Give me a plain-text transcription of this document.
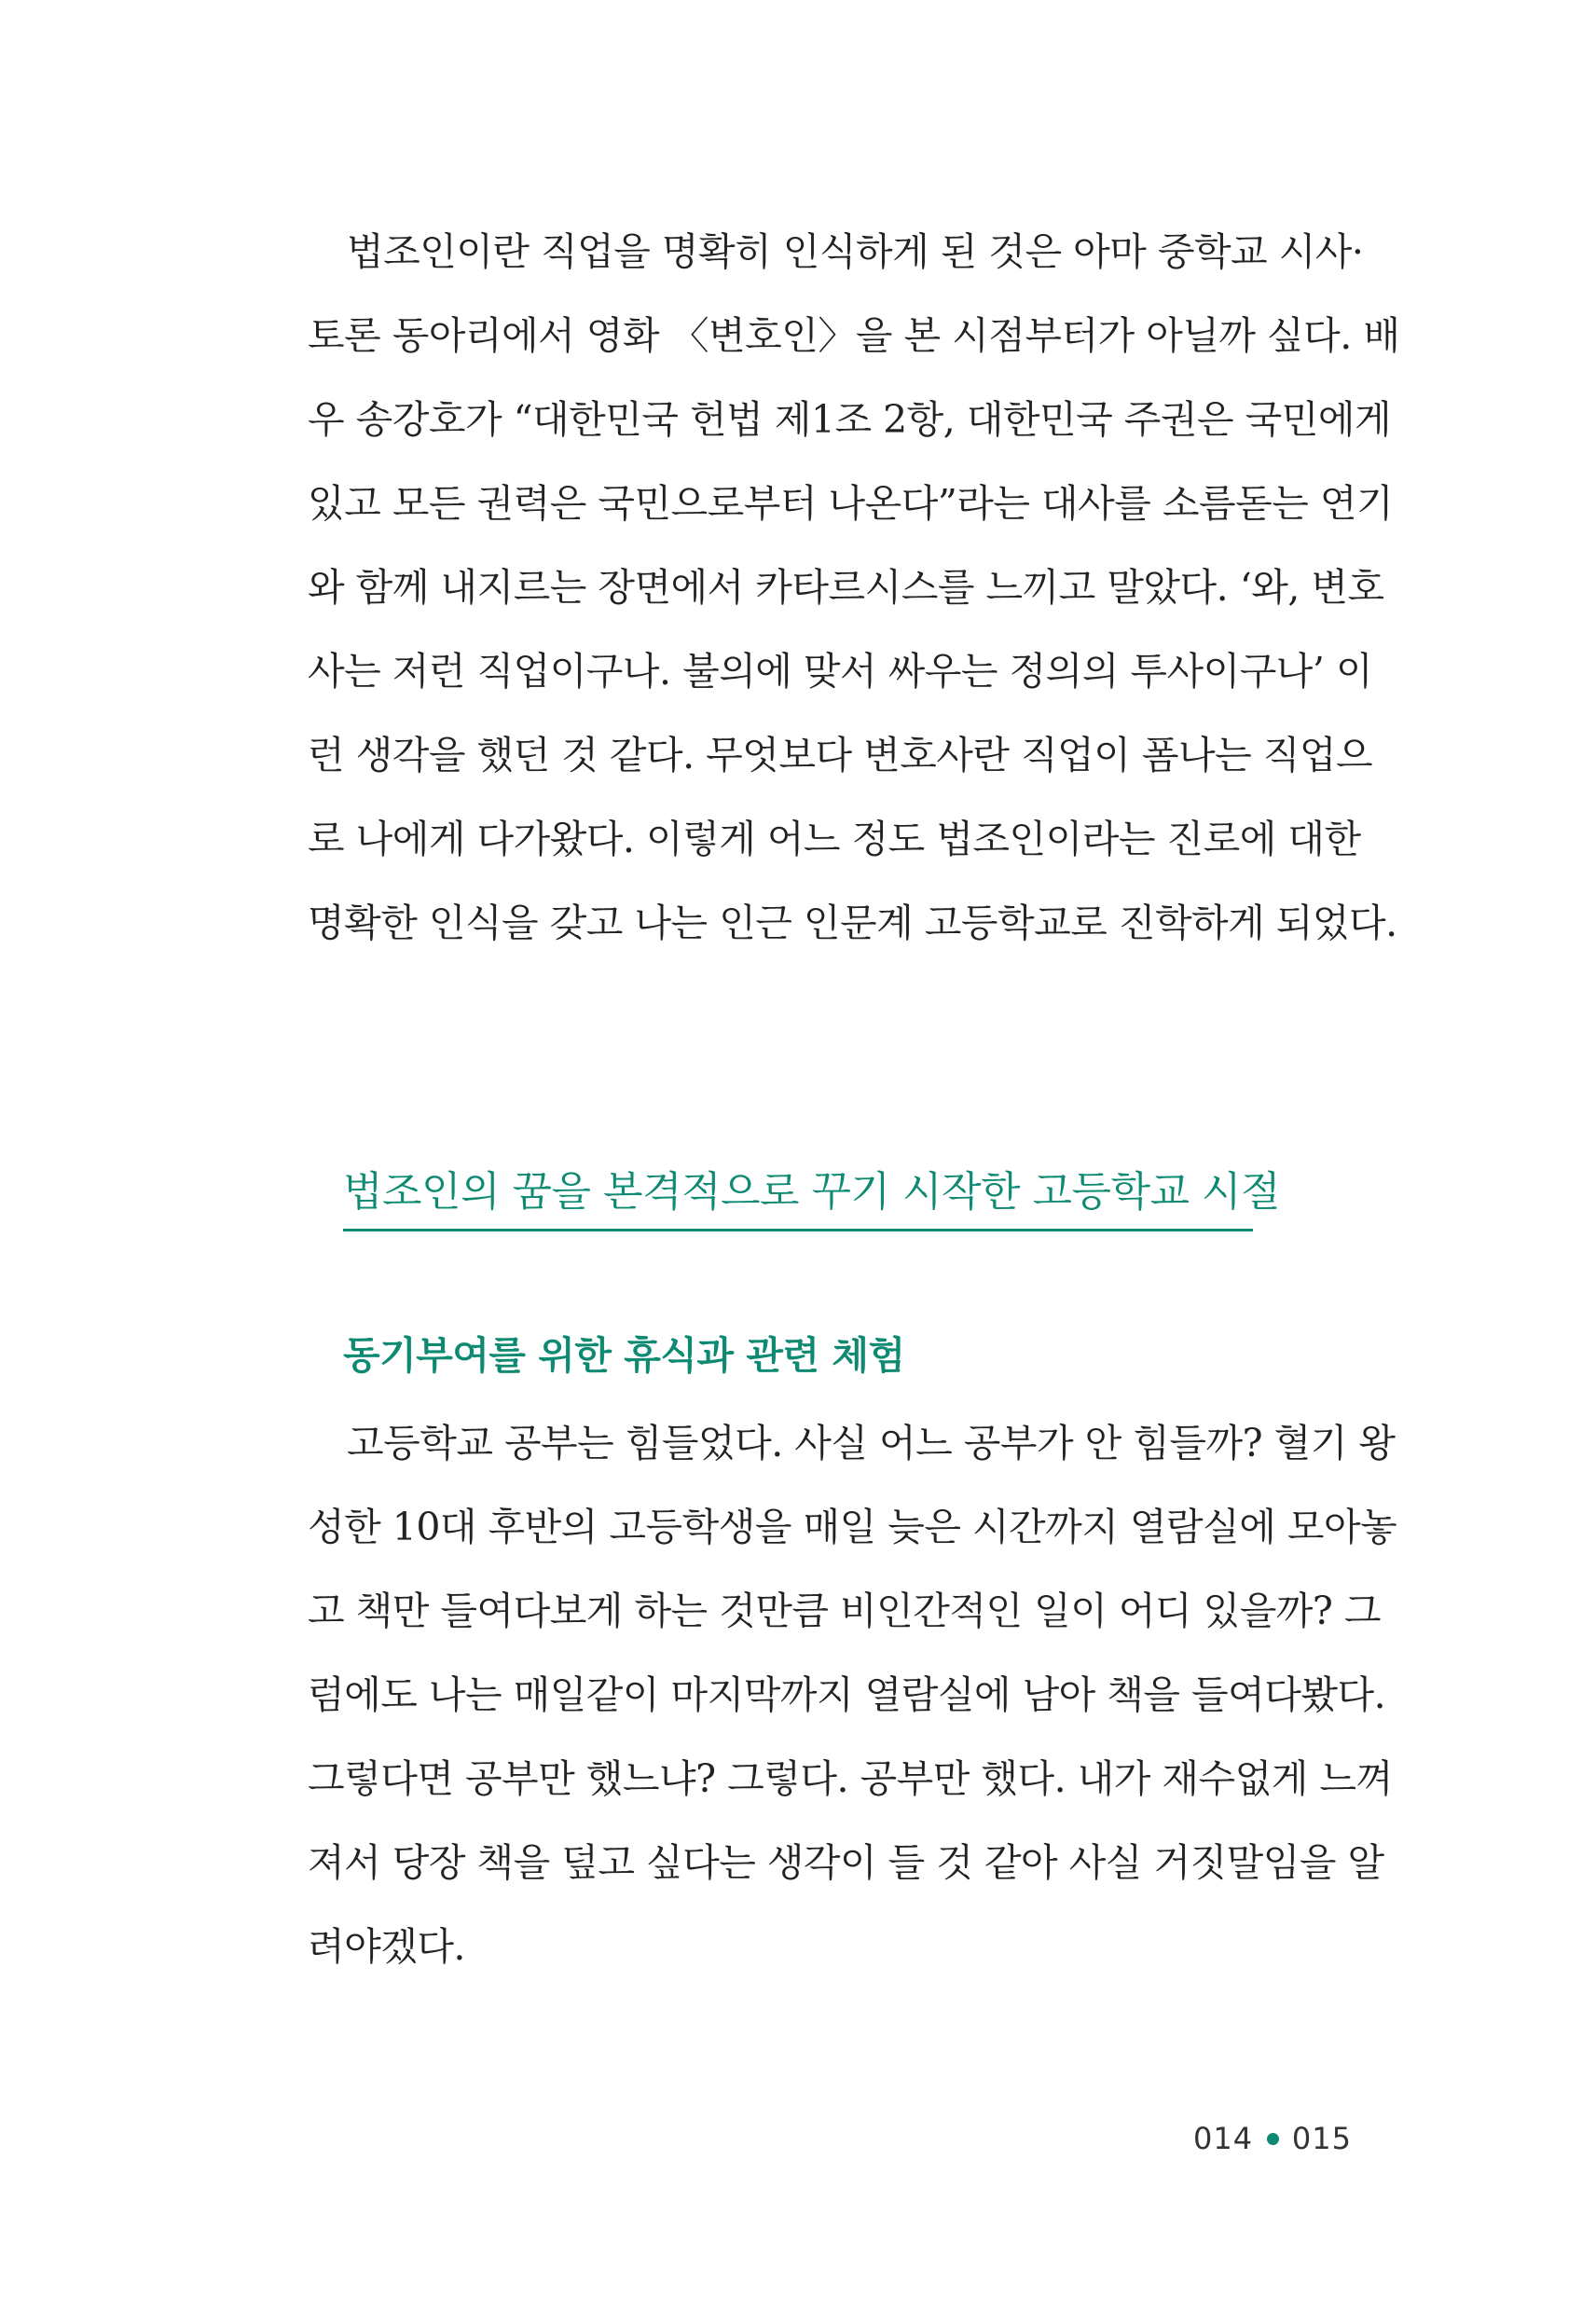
법조인이란 직업을 명확히 인식하게 된 것은 아마 중학교 시사·
토론 동아리에서 영화 〈변호인〉을 본 시점부터가 아닐까 싶다. 배
우 송강호가 “대한민국 헌법 제1조 2항, 대한민국 주권은 국민에게
있고 모든 권력은 국민으로부터 나온다”라는 대사를 소름돋는 연기
와 함께 내지르는 장면에서 카타르시스를 느끼고 말았다. ‘와, 변호
사는 저런 직업이구나. 불의에 맞서 싸우는 정의의 투사이구나’ 이
런 생각을 했던 것 같다. 무엇보다 변호사란 직업이 폼나는 직업으
로 나에게 다가왔다. 이렇게 어느 정도 법조인이라는 진로에 대한
명확한 인식을 갖고 나는 인근 인문계 고등학교로 진학하게 되었다.
법조인의 꿈을 본격적으로 꾸기 시작한 고등학교 시절
동기부여를 위한 휴식과 관련 체험
고등학교 공부는 힘들었다. 사실 어느 공부가 안 힘들까? 혈기 왕
성한 10대 후반의 고등학생을 매일 늦은 시간까지 열람실에 모아놓
고 책만 들여다보게 하는 것만큼 비인간적인 일이 어디 있을까? 그
럼에도 나는 매일같이 마지막까지 열람실에 남아 책을 들여다봤다.
그렇다면 공부만 했느냐? 그렇다. 공부만 했다. 내가 재수없게 느껴
져서 당장 책을 덮고 싶다는 생각이 들 것 같아 사실 거짓말임을 알
려야겠다.
014 015
